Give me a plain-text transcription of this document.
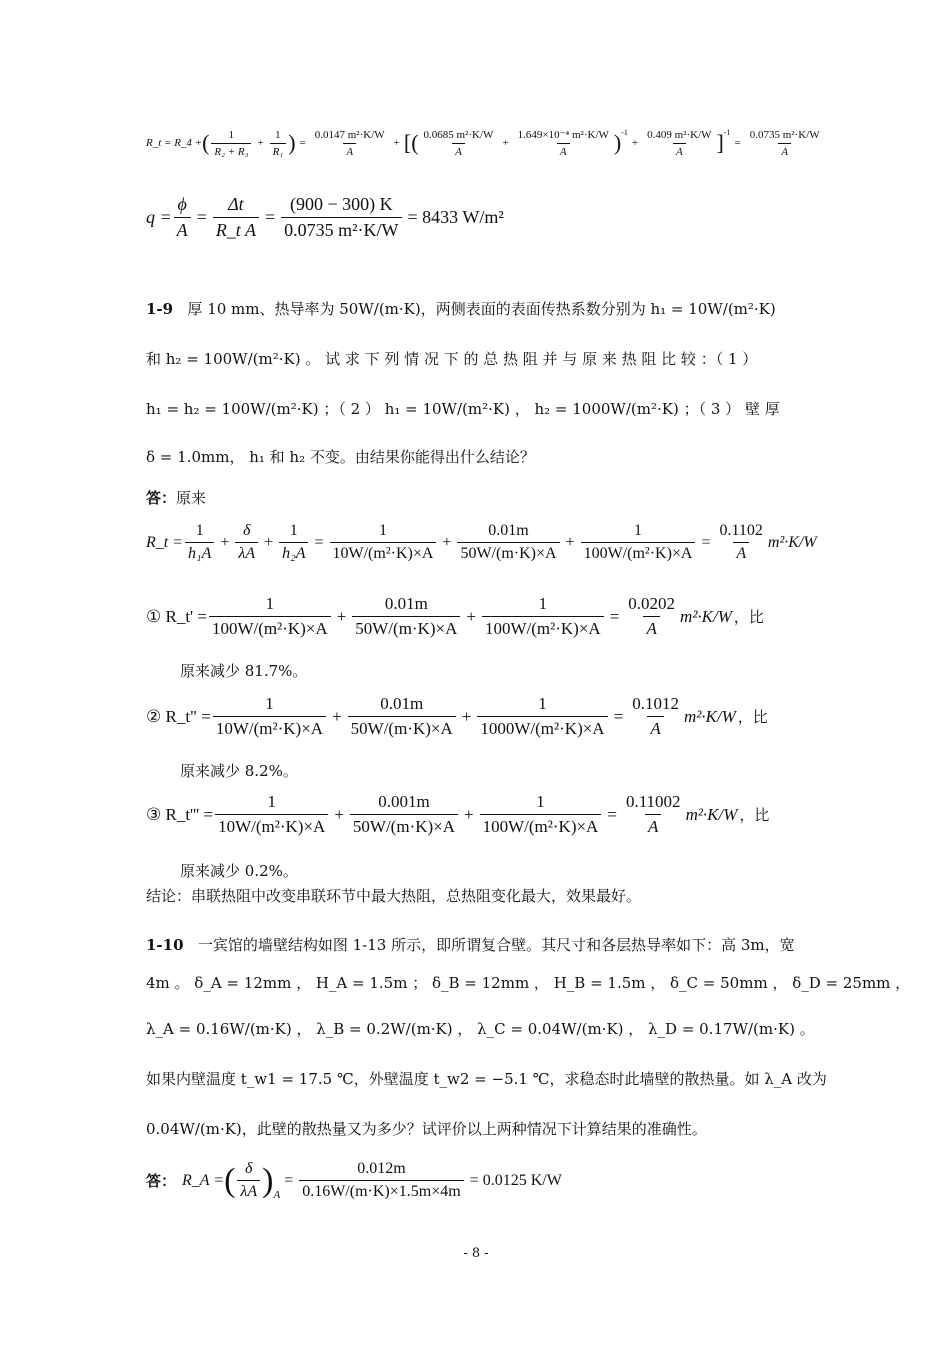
R_t = R_4 + ( $\frac{1}{\text{R₂ + R₃}} + \frac{1}{\text{R₁}}$ ) = $\frac{\text{0.0147 m²·K/W}}{A}$ + [ ( $\frac{\text{0.0685 m²·K/W}}{A} + \frac{\text{1.649×10⁻⁴ m²·K/W}}{A} )^{-1}$
+ $\frac{\text{0.409 m²·K/W}}{A} ]^{-1}$
= $\frac{\text{0.0735 m²·K/W}}{A}$
$q = \frac{\phi}{A} = \frac{\Delta t}{\text{R\_t A}} = \frac{(900 - 300) K}{\text{0.0735 m²·K/W}} = 8433$ W/m²
1-9 厚 10 mm、热导率为 50W/(m·K)，两侧表面的表面传热系数分别为 h₁ = 10W/(m²·K)
和 h₂ = 100W/(m²·K) 。 试 求 下 列 情 况 下 的 总 热 阻 并 与 原 来 热 阻 比 较 ：（ 1 ）
h₁ = h₂ = 100W/(m²·K) ；（ 2 ） h₁ = 10W/(m²·K) ， h₂ = 1000W/(m²·K) ；（ 3 ） 壁 厚
δ = 1.0mm， h₁ 和 h₂ 不变。由结果你能得出什么结论？
答：原来
R_t = $\frac{1}{\text{h₁A}} + \frac{\delta}{\lambda A} + \frac{1}{\text{h₂A}} = \frac{1}{\text{10W/(m²·K)×A}} + \frac{0.01m}{50W/(m\cdot K)\times A} + \frac{1}{\text{100W/(m²·K)×A}} = \frac{0.1102}{A} m^2\cdot K/W$
① R_t' = $\frac{1}{\text{100W/(m²·K)×A}} + \frac{0.01m}{50W/(m\cdot K)\times A} + \frac{1}{\text{100W/(m²·K)×A}} = \frac{0.0202}{A} m^2\cdot K/W$ ，比
原来减少 81.7%。
② R_t" = $\frac{1}{\text{10W/(m²·K)×A}} + \frac{0.01m}{50W/(m\cdot K)\times A} + \frac{1}{\text{1000W/(m²·K)×A}} = \frac{0.1012}{A} m^2\cdot K/W$ ，比
原来减少 8.2%。
③ R_t''' = $\frac{1}{\text{10W/(m²·K)×A}} + \frac{0.001m}{50W/(m\cdot K)\times A} + \frac{1}{\text{100W/(m²·K)×A}} = \frac{0.11002}{A} m^2\cdot K/W$ ，比
原来减少 0.2%。
结论：串联热阻中改变串联环节中最大热阻，总热阻变化最大，效果最好。
1-10 一宾馆的墙壁结构如图 1-13 所示，即所谓复合壁。其尺寸和各层热导率如下：高 3m，宽
4m 。 δ_A = 12mm ， H_A = 1.5m ； δ_B = 12mm ， H_B = 1.5m ， δ_C = 50mm ， δ_D = 25mm ，
λ_A = 0.16W/(m·K) ， λ_B = 0.2W/(m·K) ， λ_C = 0.04W/(m·K) ， λ_D = 0.17W/(m·K) 。
如果内壁温度 t_w1 = 17.5 ℃，外壁温度 t_w2 = −5.1 ℃，求稳态时此墙壁的散热量。如 λ_A 改为
0.04W/(m·K)，此壁的散热量又为多少？试评价以上两种情况下计算结果的准确性。
答： R_A = ( $\frac{\delta}{\lambda A} )_A$
= $\frac{0.012m}{0.16W/(m\cdot K)\times 1.5m\times 4m} = 0.0125$ K/W
- 8 -
